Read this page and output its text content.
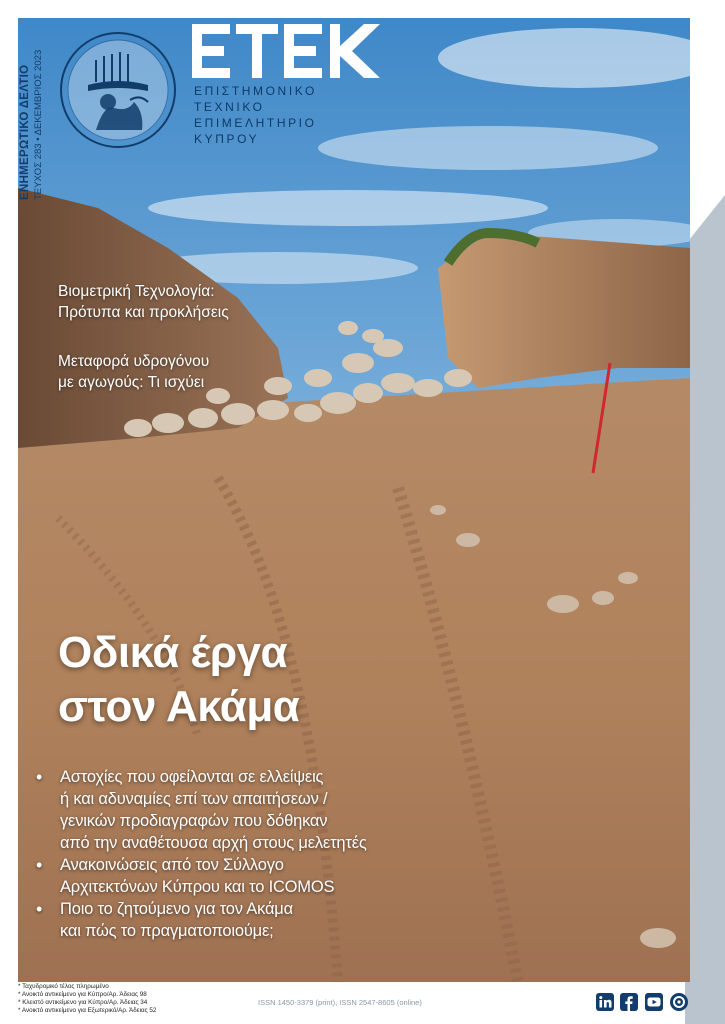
ΕΝΗΜΕΡΩΤΙΚΟ ΔΕΛΤΙΟ ΤΕΥΧΟΣ 283 • ΔΕΚΕΜΒΡΙΟΣ 2023	ΕΠΙΣΤΗΜΟΝΙΚΟ
ΤΕΧΝΙΚΟ
ΕΠΙΜΕΛΗΤΗΡΙΟ
ΚΥΠΡΟΥ
Βιομετρική Τεχνολογία:
Πρότυπα και προκλήσεις
Μεταφορά υδρογόνου
με αγωγούς: Τι ισχύει
Οδικά έργα
στον Ακάμα
• Αστοχίες που οφείλονται σε ελλείψεις
ή και αδυναμίες επί των απαιτήσεων /
γενικών προδιαγραφών που δόθηκαν
από την αναθέτουσα αρχή στους μελετητές
• Ανακοινώσεις από τον Σύλλογο
Αρχιτεκτόνων Κύπρου και το ICOMOS
• Ποιο το ζητούμενο για τον Ακάμα
και πώς το πραγματοποιούμε;
* Ταχυδρομικό τέλος πληρωμένο
* Ανοικτό αντικείμενο για Κύπρο/Αρ. Άδειας 98
* Κλειστό αντικείμενο για Κύπρο/Αρ. Άδειας 34
* Ανοικτό αντικείμενο για Εξωτερικό/Αρ. Άδειας 52
ISSN 1450-3379 (print), ISSN 2547-8605 (online)
